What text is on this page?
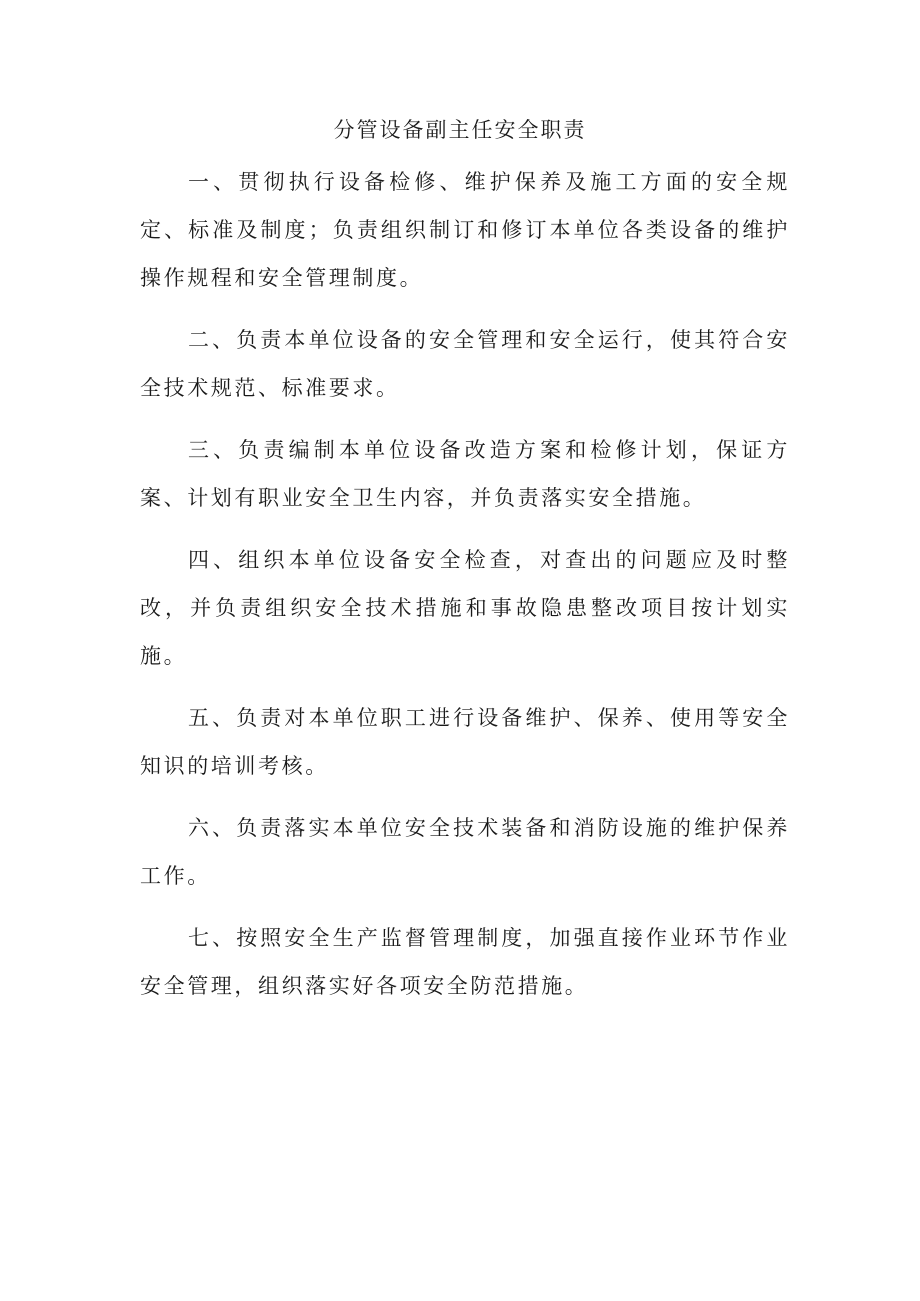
分管设备副主任安全职责

一、贯彻执行设备检修、维护保养及施工方面的安全规定、标准及制度；负责组织制订和修订本单位各类设备的维护操作规程和安全管理制度。

二、负责本单位设备的安全管理和安全运行，使其符合安全技术规范、标准要求。

三、负责编制本单位设备改造方案和检修计划，保证方案、计划有职业安全卫生内容，并负责落实安全措施。

四、组织本单位设备安全检查，对查出的问题应及时整改，并负责组织安全技术措施和事故隐患整改项目按计划实施。

五、负责对本单位职工进行设备维护、保养、使用等安全知识的培训考核。

六、负责落实本单位安全技术装备和消防设施的维护保养工作。

七、按照安全生产监督管理制度，加强直接作业环节作业安全管理，组织落实好各项安全防范措施。
